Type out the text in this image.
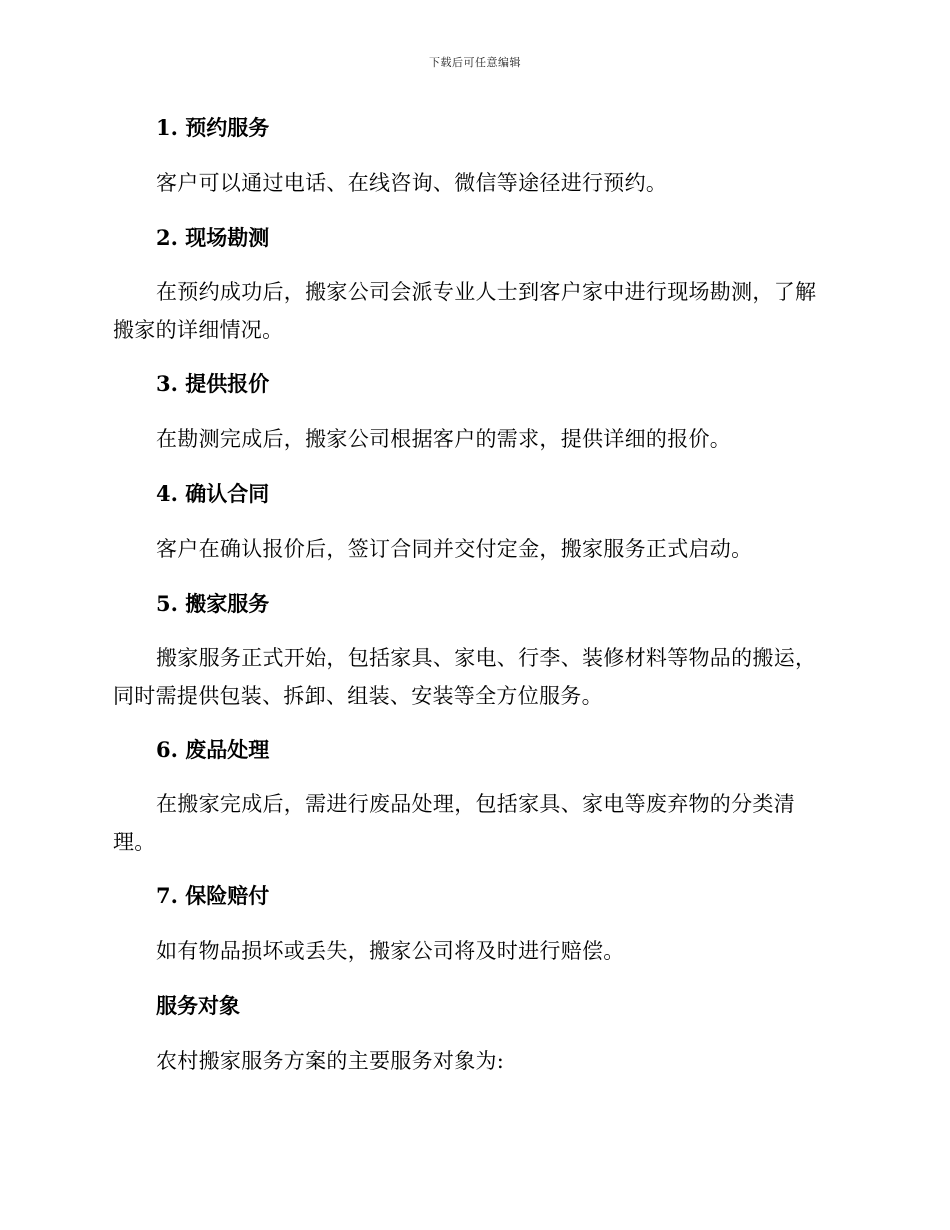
下载后可任意编辑
1. 预约服务
客户可以通过电话、在线咨询、微信等途径进行预约。
2. 现场勘测
在预约成功后，搬家公司会派专业人士到客户家中进行现场勘测，了解搬家的详细情况。
3. 提供报价
在勘测完成后，搬家公司根据客户的需求，提供详细的报价。
4. 确认合同
客户在确认报价后，签订合同并交付定金，搬家服务正式启动。
5. 搬家服务
搬家服务正式开始，包括家具、家电、行李、装修材料等物品的搬运，同时需提供包装、拆卸、组装、安装等全方位服务。
6. 废品处理
在搬家完成后，需进行废品处理，包括家具、家电等废弃物的分类清理。
7. 保险赔付
如有物品损坏或丢失，搬家公司将及时进行赔偿。
服务对象
农村搬家服务方案的主要服务对象为:
